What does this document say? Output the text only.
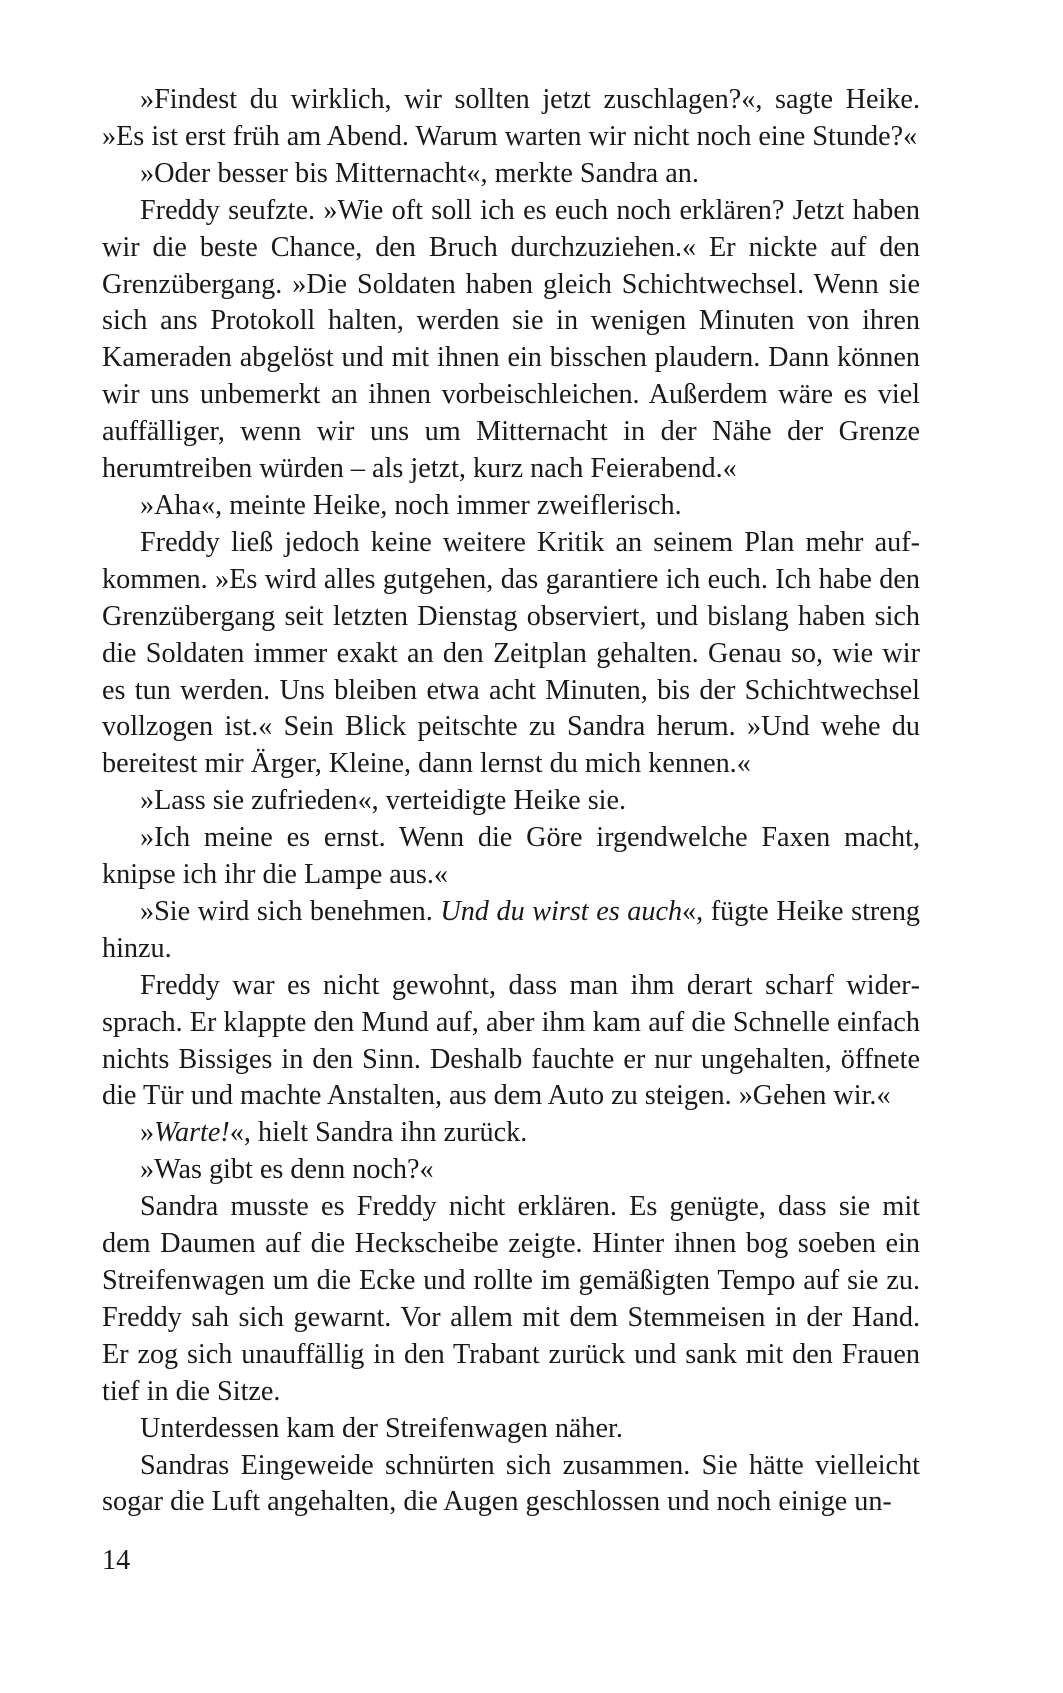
»Findest du wirklich, wir sollten jetzt zuschlagen?«, sagte Heike. »Es ist erst früh am Abend. Warum warten wir nicht noch eine Stunde?«

»Oder besser bis Mitternacht«, merkte Sandra an.

Freddy seufzte. »Wie oft soll ich es euch noch erklären? Jetzt haben wir die beste Chance, den Bruch durchzuziehen.« Er nickte auf den Grenzübergang. »Die Soldaten haben gleich Schichtwechsel. Wenn sie sich ans Protokoll halten, werden sie in wenigen Minuten von ihren Kameraden abgelöst und mit ihnen ein bisschen plaudern. Dann können wir uns unbemerkt an ihnen vorbeischleichen. Außerdem wäre es viel auffälliger, wenn wir uns um Mitternacht in der Nähe der Grenze herumtreiben würden – als jetzt, kurz nach Feierabend.«

»Aha«, meinte Heike, noch immer zweiflerisch.

Freddy ließ jedoch keine weitere Kritik an seinem Plan mehr aufkommen. »Es wird alles gutgehen, das garantiere ich euch. Ich habe den Grenzübergang seit letzten Dienstag observiert, und bislang haben sich die Soldaten immer exakt an den Zeitplan gehalten. Genau so, wie wir es tun werden. Uns bleiben etwa acht Minuten, bis der Schichtwechsel vollzogen ist.« Sein Blick peitschte zu Sandra herum. »Und wehe du bereitest mir Ärger, Kleine, dann lernst du mich kennen.«

»Lass sie zufrieden«, verteidigte Heike sie.

»Ich meine es ernst. Wenn die Göre irgendwelche Faxen macht, knipse ich ihr die Lampe aus.«

»Sie wird sich benehmen. Und du wirst es auch«, fügte Heike streng hinzu.

Freddy war es nicht gewohnt, dass man ihm derart scharf widersprach. Er klappte den Mund auf, aber ihm kam auf die Schnelle einfach nichts Bissiges in den Sinn. Deshalb fauchte er nur ungehalten, öffnete die Tür und machte Anstalten, aus dem Auto zu steigen. »Gehen wir.«

»Warte!«, hielt Sandra ihn zurück.

»Was gibt es denn noch?«

Sandra musste es Freddy nicht erklären. Es genügte, dass sie mit dem Daumen auf die Heckscheibe zeigte. Hinter ihnen bog soeben ein Streifenwagen um die Ecke und rollte im gemäßigten Tempo auf sie zu. Freddy sah sich gewarnt. Vor allem mit dem Stemmeisen in der Hand. Er zog sich unauffällig in den Trabant zurück und sank mit den Frauen tief in die Sitze.

Unterdessen kam der Streifenwagen näher.

Sandras Eingeweide schnürten sich zusammen. Sie hätte vielleicht sogar die Luft angehalten, die Augen geschlossen und noch einige un-

14
